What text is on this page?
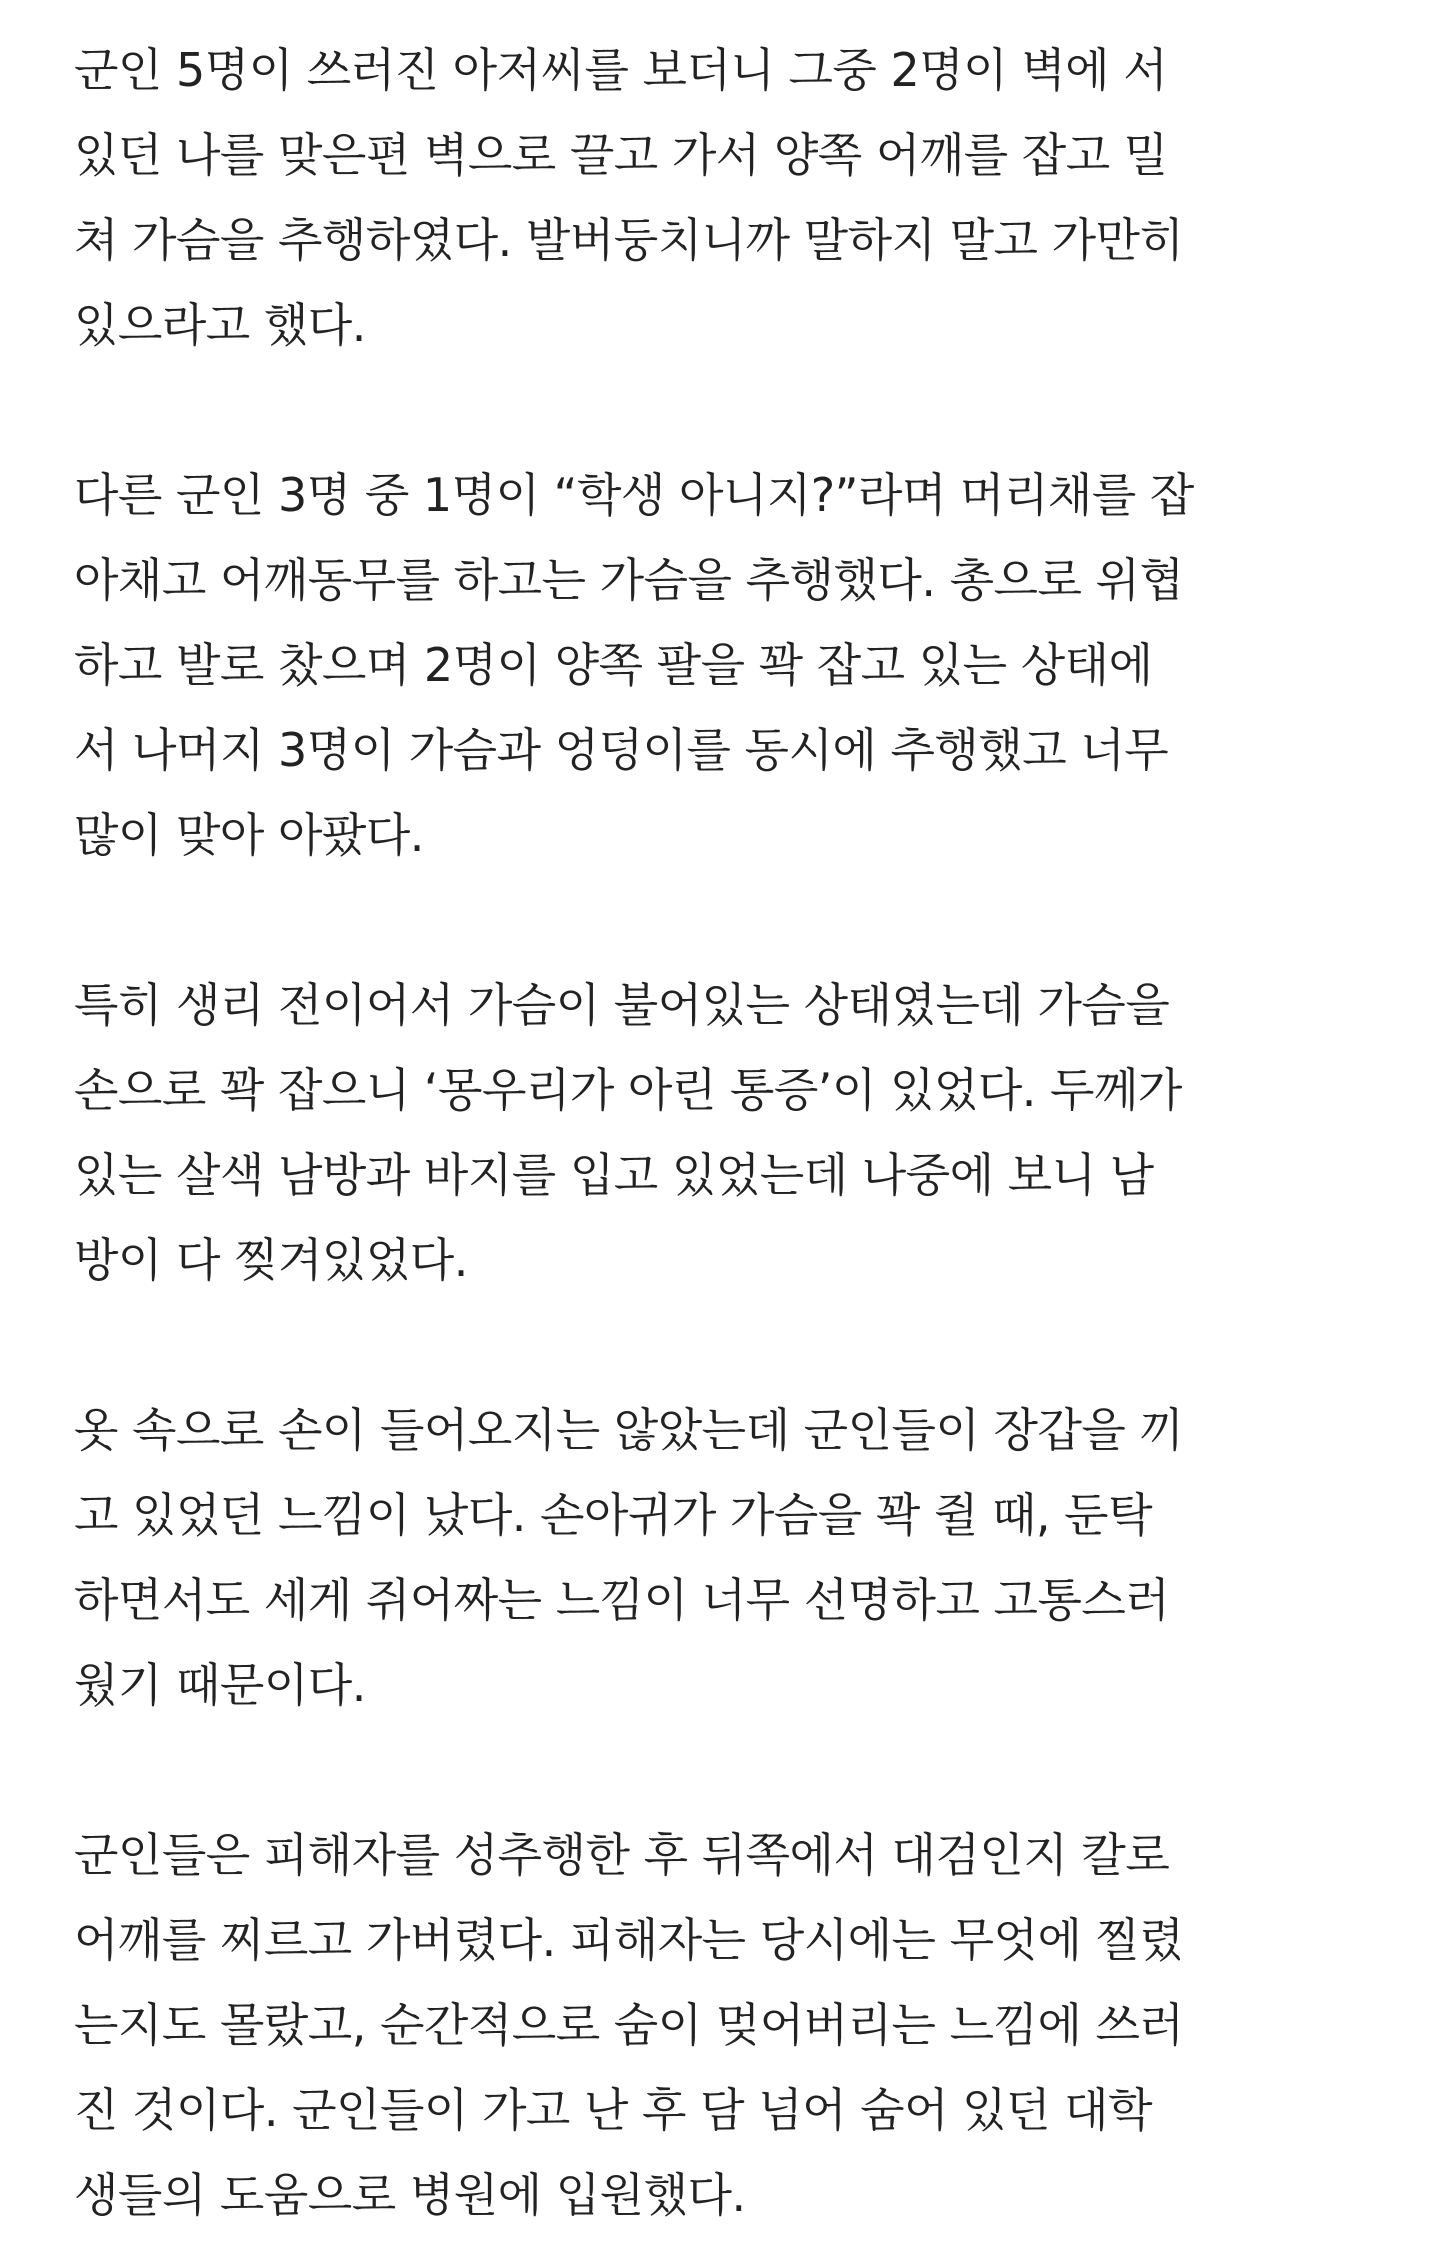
군인 5명이 쓰러진 아저씨를 보더니 그중 2명이 벽에 서
있던 나를 맞은편 벽으로 끌고 가서 양쪽 어깨를 잡고 밀
쳐 가슴을 추행하였다. 발버둥치니까 말하지 말고 가만히
있으라고 했다.

다른 군인 3명 중 1명이 “학생 아니지?”라며 머리채를 잡
아채고 어깨동무를 하고는 가슴을 추행했다. 총으로 위협
하고 발로 찼으며 2명이 양쪽 팔을 꽉 잡고 있는 상태에
서 나머지 3명이 가슴과 엉덩이를 동시에 추행했고 너무
많이 맞아 아팠다.

특히 생리 전이어서 가슴이 불어있는 상태였는데 가슴을
손으로 꽉 잡으니 ‘몽우리가 아린 통증’이 있었다. 두께가
있는 살색 남방과 바지를 입고 있었는데 나중에 보니 남
방이 다 찢겨있었다.

옷 속으로 손이 들어오지는 않았는데 군인들이 장갑을 끼
고 있었던 느낌이 났다. 손아귀가 가슴을 꽉 쥘 때, 둔탁
하면서도 세게 쥐어짜는 느낌이 너무 선명하고 고통스러
웠기 때문이다.

군인들은 피해자를 성추행한 후 뒤쪽에서 대검인지 칼로
어깨를 찌르고 가버렸다. 피해자는 당시에는 무엇에 찔렸
는지도 몰랐고, 순간적으로 숨이 멎어버리는 느낌에 쓰러
진 것이다. 군인들이 가고 난 후 담 넘어 숨어 있던 대학
생들의 도움으로 병원에 입원했다.
